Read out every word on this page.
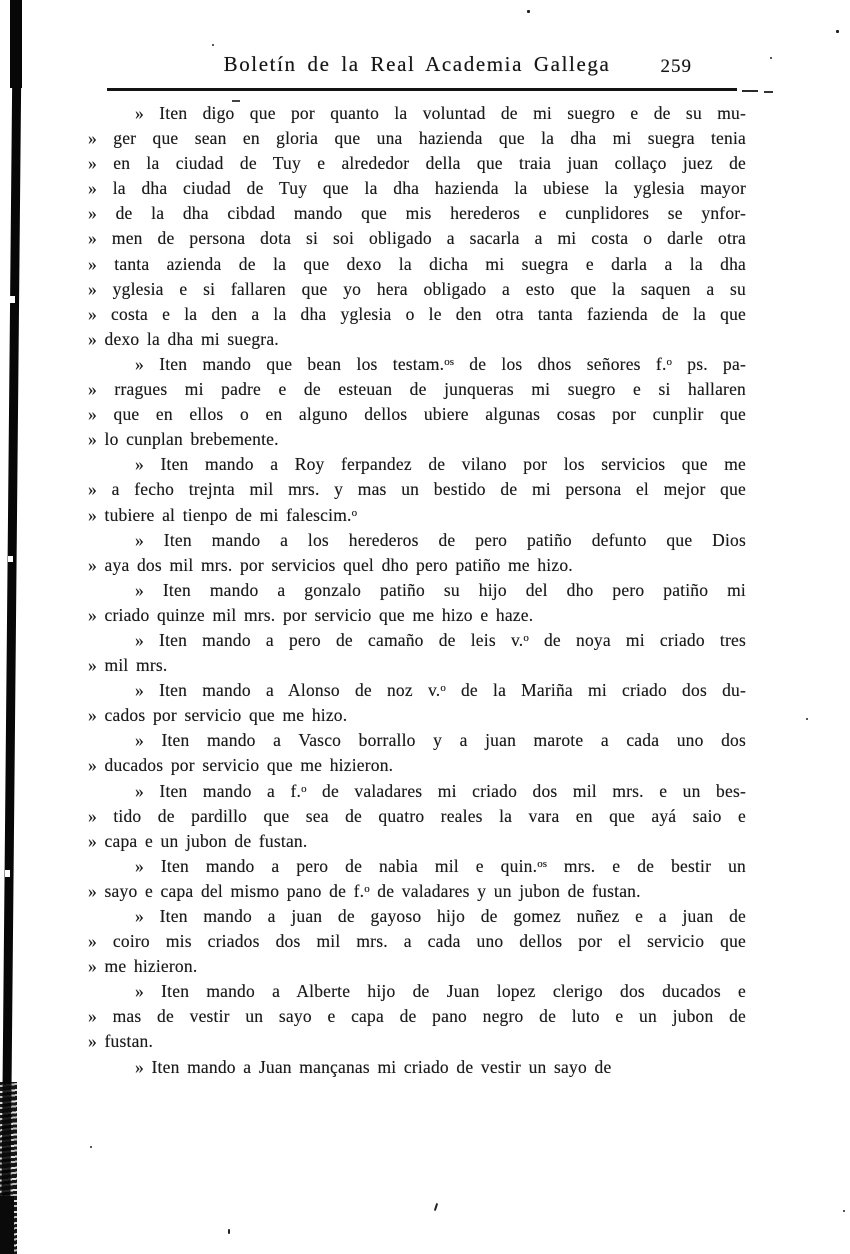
Boletín de la Real Academia Gallega	259
» Iten digo que por quanto la voluntad de mi suegro e de su mu-
» ger que sean en gloria que una hazienda que la dha mi suegra tenia
» en la ciudad de Tuy e alrededor della que traia juan collaço juez de
» la dha ciudad de Tuy que la dha hazienda la ubiese la yglesia mayor
» de la dha cibdad mando que mis herederos e cunplidores se ynfor-
» men de persona dota si soi obligado a sacarla a mi costa o darle otra
» tanta azienda de la que dexo la dicha mi suegra e darla a la dha
» yglesia e si fallaren que yo hera obligado a esto que la saquen a su
» costa e la den a la dha yglesia o le den otra tanta fazienda de la que
» dexo la dha mi suegra.
» Iten mando que bean los testam.$^{os}$ de los dhos señores f.$^o$ ps. pa-
» rragues mi padre e de esteuan de junqueras mi suegro e si hallaren
» que en ellos o en alguno dellos ubiere algunas cosas por cunplir que
» lo cunplan brebemente.
» Iten mando a Roy ferpandez de vilano por los servicios que me
» a fecho trejnta mil mrs. y mas un bestido de mi persona el mejor que
» tubiere al tienpo de mi falescim.$^o$
» Iten mando a los herederos de pero patiño defunto que Dios
» aya dos mil mrs. por servicios quel dho pero patiño me hizo.
» Iten mando a gonzalo patiño su hijo del dho pero patiño mi
» criado quinze mil mrs. por servicio que me hizo e haze.
» Iten mando a pero de camaño de leis v.$^o$ de noya mi criado tres
» mil mrs.
» Iten mando a Alonso de noz v.$^o$ de la Mariña mi criado dos du-
» cados por servicio que me hizo.
» Iten mando a Vasco borrallo y a juan marote a cada uno dos
» ducados por servicio que me hizieron.
» Iten mando a f.$^o$ de valadares mi criado dos mil mrs. e un bes-
» tido de pardillo que sea de quatro reales la vara en que ayá saio e
» capa e un jubon de fustan.
» Iten mando a pero de nabia mil e quin.$^{os}$ mrs. e de bestir un
» sayo e capa del mismo pano de f.$^o$ de valadares y un jubon de fustan.
» Iten mando a juan de gayoso hijo de gomez nuñez e a juan de
» coiro mis criados dos mil mrs. a cada uno dellos por el servicio que
» me hizieron.
» Iten mando a Alberte hijo de Juan lopez clerigo dos ducados e
» mas de vestir un sayo e capa de pano negro de luto e un jubon de
» fustan.
» Iten mando a Juan mançanas mi criado de vestir un sayo de
